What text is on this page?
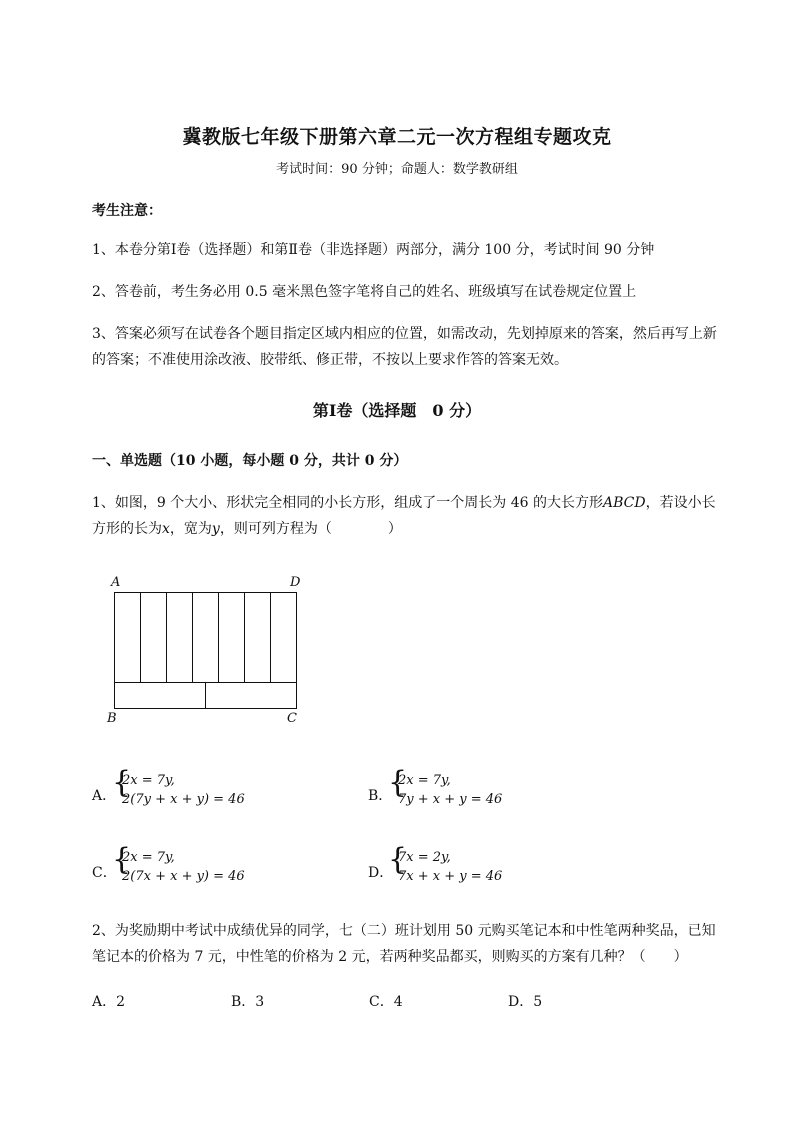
冀教版七年级下册第六章二元一次方程组专题攻克
考试时间：90 分钟；命题人：数学教研组
考生注意：
1、本卷分第Ⅰ卷（选择题）和第Ⅱ卷（非选择题）两部分，满分 100 分，考试时间 90 分钟
2、答卷前，考生务必用 0.5 毫米黑色签字笔将自己的姓名、班级填写在试卷规定位置上
3、答案必须写在试卷各个题目指定区域内相应的位置，如需改动，先划掉原来的答案，然后再写上新
的答案；不准使用涂改液、胶带纸、修正带，不按以上要求作答的答案无效。
第Ⅰ卷（选择题　0 分）
一、单选题（10 小题，每小题 0 分，共计 0 分）
1、如图，9 个大小、形状完全相同的小长方形，组成了一个周长为 46 的大长方形ABCD，若设小长
方形的长为x，宽为y，则可列方程为（　　　　）
A	D
B	C
A．
{
2x = 7y,
2(7y + x + y) = 46	B．
{
2x = 7y,
7y + x + y = 46
C．
{
2x = 7y,
2(7x + x + y) = 46	D．
{
7x = 2y,
7x + x + y = 46
2、为奖励期中考试中成绩优异的同学，七（二）班计划用 50 元购买笔记本和中性笔两种奖品，已知
笔记本的价格为 7 元，中性笔的价格为 2 元，若两种奖品都买，则购买的方案有几种？（　　）
A．2	B．3	C．4	D．5
